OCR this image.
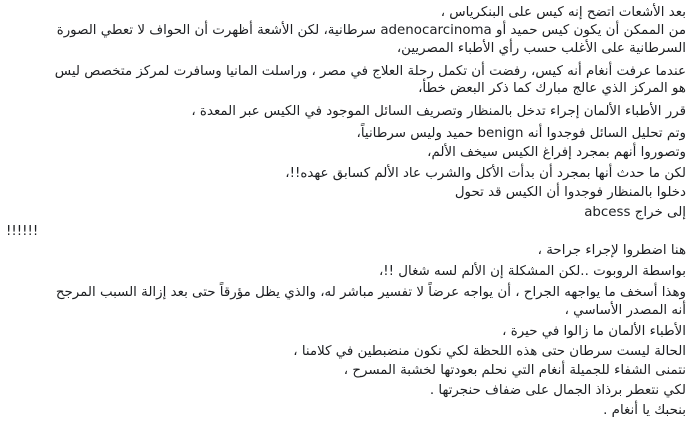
بعد الأشعات اتضح إنه كيس على البنكرياس ،
من الممكن أن يكون كيس حميد أو adenocarcinoma سرطانية، لكن الأشعة أظهرت أن الحواف لا تعطي الصورة
السرطانية على الأغلب حسب رأي الأطباء المصريين،
عندما عرفت أنغام أنه كيس، رفضت أن تكمل رحلة العلاج في مصر ، وراسلت المانيا وسافرت لمركز متخصص ليس
هو المركز الذي عالج مبارك كما ذكر البعض خطأ،
قرر الأطباء الألمان إجراء تدخل بالمنظار وتصريف السائل الموجود في الكيس عبر المعدة ،
وتم تحليل السائل فوجدوا أنه benign حميد وليس سرطانياً،
وتصوروا أنهم بمجرد إفراغ الكيس سيخف الألم،
لكن ما حدث أنها بمجرد أن بدأت الأكل والشرب عاد الألم كسابق عهده!!،
دخلوا بالمنظار فوجدوا أن الكيس قد تحول
إلى خراج abcess
!!!!!!
هنا اضطروا لإجراء جراحة ،
بواسطة الروبوت ..لكن المشكلة إن الألم لسه شغال !!،
وهذا أسخف ما يواجهه الجراح ، أن يواجه عرضاً لا تفسير مباشر له، والذي يظل مؤرقاً حتى بعد إزالة السبب المرجح
أنه المصدر الأساسي ،
الأطباء الألمان ما زالوا في حيرة ،
الحالة ليست سرطان حتى هذه اللحظة لكي نكون منضبطين في كلامنا ،
نتمنى الشفاء للجميلة أنغام التي نحلم بعودتها لخشبة المسرح ،
لكي نتعطر برذاذ الجمال على ضفاف حنجرتها .
بنحبك يا أنغام .
